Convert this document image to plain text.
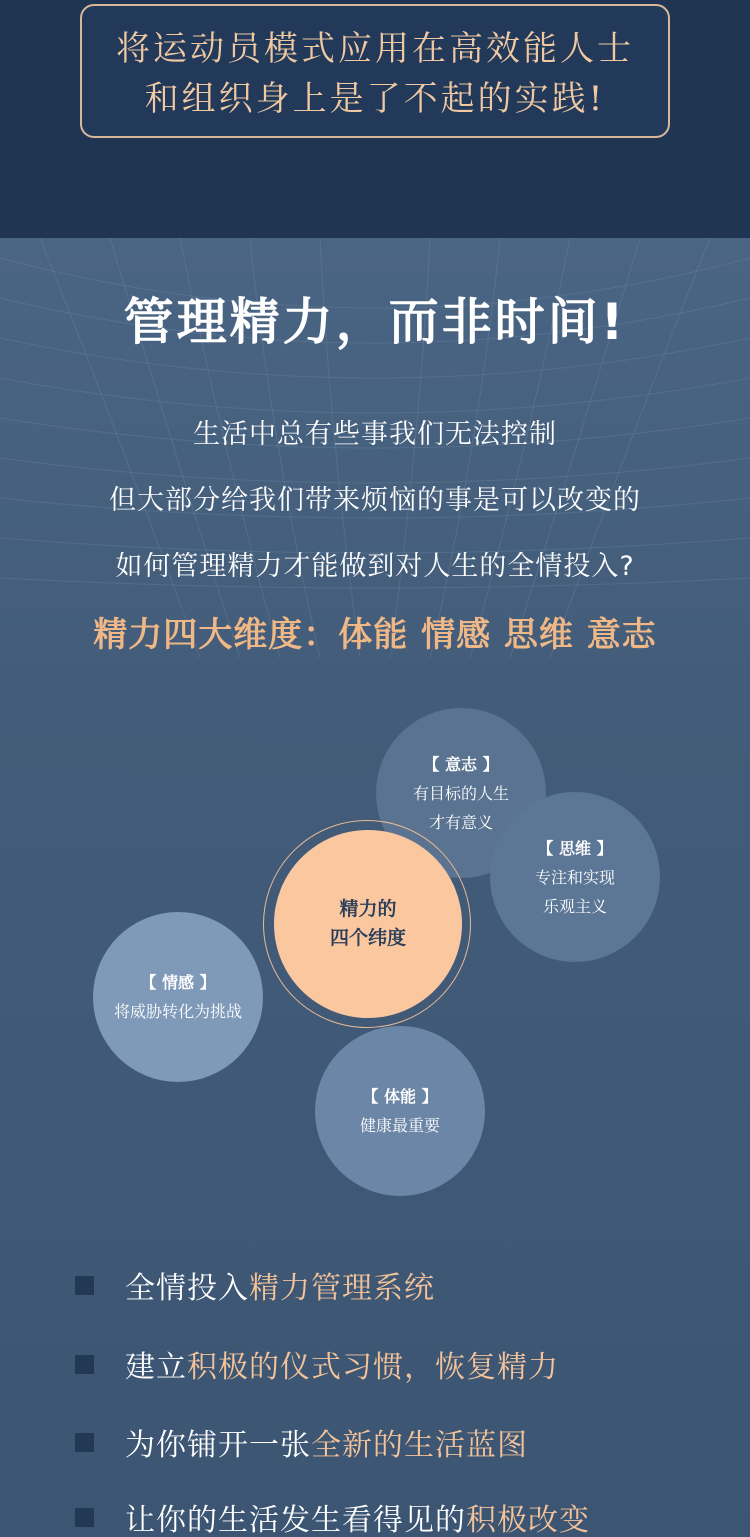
将运动员模式应用在高效能人士
和组织身上是了不起的实践!
管理精力，而非时间!
生活中总有些事我们无法控制
但大部分给我们带来烦恼的事是可以改变的
如何管理精力才能做到对人生的全情投入?
精力四大维度：体能 情感 思维 意志
【 意志 】
有目标的人生
才有意义
【 思维 】
专注和实现
乐观主义
【 情感 】
将威胁转化为挑战
【 体能 】
健康最重要
精力的
四个纬度
全情投入 精力管理系统
建立 积极的仪式习惯，恢复精力
为你铺开一张 全新的生活蓝图
让你的生活发生看得见的 积极改变
